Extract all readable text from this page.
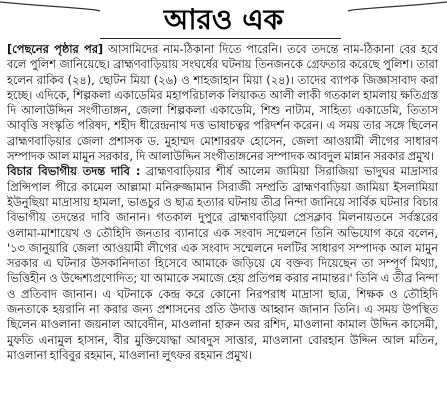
আরও এক

[পেছনের পৃষ্ঠার পর] আসামিদের নাম-ঠিকানা দিতে পারেনি। তবে তদন্তে নাম-ঠিকানা বের হবে বলে পুলিশ জানিয়েছে। ব্রাহ্মণবাড়িয়ায় সংঘর্ষের ঘটনায় তিনজনকে গ্রেফতার করেছে পুলিশ। তারা হলেন রাকিব (২৪), ছোটন মিয়া (২৬) ও শাহজাহান মিয়া (২৪)। তাদের ব্যাপক জিজ্ঞাসাবাদ করা হচ্ছে। এদিকে, শিল্পকলা একাডেমির মহাপরিচালক লিয়াকত আলী লাকী গতকাল হামলায় ক্ষতিগ্রস্ত দি আলাউদ্দিন সংগীতাঙ্গন, জেলা শিল্পকলা একাডেমি, শিশু নাট্যম, সাহিত্য একাডেমি, তিতাস আবৃত্তি সংস্কৃতি পরিষদ, শহীদ ধীরেন্দ্রনাথ দত্ত ভাষাচত্বর পরিদর্শন করেন। এ সময় তার সঙ্গে ছিলেন ব্রাহ্মণবাড়িয়ার জেলা প্রশাসক ড. মুহাম্মদ মোশাররফ হোসেন, জেলা আওয়ামী লীগের সাধারণ সম্পাদক আল মামুন সরকার, দি আলাউদ্দিন সংগীতাঙ্গনের সম্পাদক আবদুল মান্নান সরকার প্রমুখ।

বিচার বিভাগীয় তদন্ত দাবি : ব্রাহ্মণবাড়িয়ার শীর্ষ আলেম জামিয়া সিরাজিয়া ভাদুঘর মাদ্রাসার প্রিন্সিপাল পীরে কামেল আল্লামা মনিরুজ্জামান সিরাজী সম্প্রতি ব্রাহ্মণবাড়িয়া জামিয়া ইসলামিয়া ইউনুছিয়া মাদ্রাসায় হামলা, ভাঙচুর ও ছাত্র হত্যার ঘটনায় তীব্র নিন্দা জানিয়ে সার্বিক ঘটনার বিচার বিভাগীয় তদন্তের দাবি জানান। গতকাল দুপুরে ব্রাহ্মণবাড়িয়া প্রেসক্লাব মিলনায়তনে সর্বস্তরের ওলামা-মাশায়েখ ও তৌহিদি জনতার ব্যানারে এক সংবাদ সম্মেলনে তিনি অভিযোগ করে বলেন, '১৩ জানুয়ারি জেলা আওয়ামী লীগের এক সংবাদ সম্মেলনে দলটির সাধারণ সম্পাদক আল মামুন সরকার এ ঘটনার উসকানিদাতা হিসেবে আমাকে জড়িয়ে যে বক্তব্য দিয়েছেন তা সম্পূর্ণ মিথ্যা, ভিত্তিহীন ও উদ্দেশ্যপ্রণোদিত; যা আমাকে সমাজে হেয় প্রতিপন্ন করার নামান্তর।' তিনি এ তীব্র নিন্দা ও প্রতিবাদ জানান। এ ঘটনাকে কেন্দ্র করে কোনো নিরপরাধ মাদ্রাসা ছাত্র, শিক্ষক ও তৌহিদি জনতাকে হয়রানি না করার জন্য প্রশাসনের প্রতি উদাত্ত আহ্বান জানান তিনি। এ সময় উপস্থিত ছিলেন মাওলানা জয়নাল আবেদীন, মাওলানা হারুন অর রশিদ, মাওলানা কামাল উদ্দিন কাসেমী, মুফতি এনামুল হাসান, বীর মুক্তিযোদ্ধা আবদুস সাত্তার, মাওলানা বোরহান উদ্দিন আল মতিন, মাওলানা হাবিবুর রহমান, মাওলানা লুৎফর রহমান প্রমুখ।
